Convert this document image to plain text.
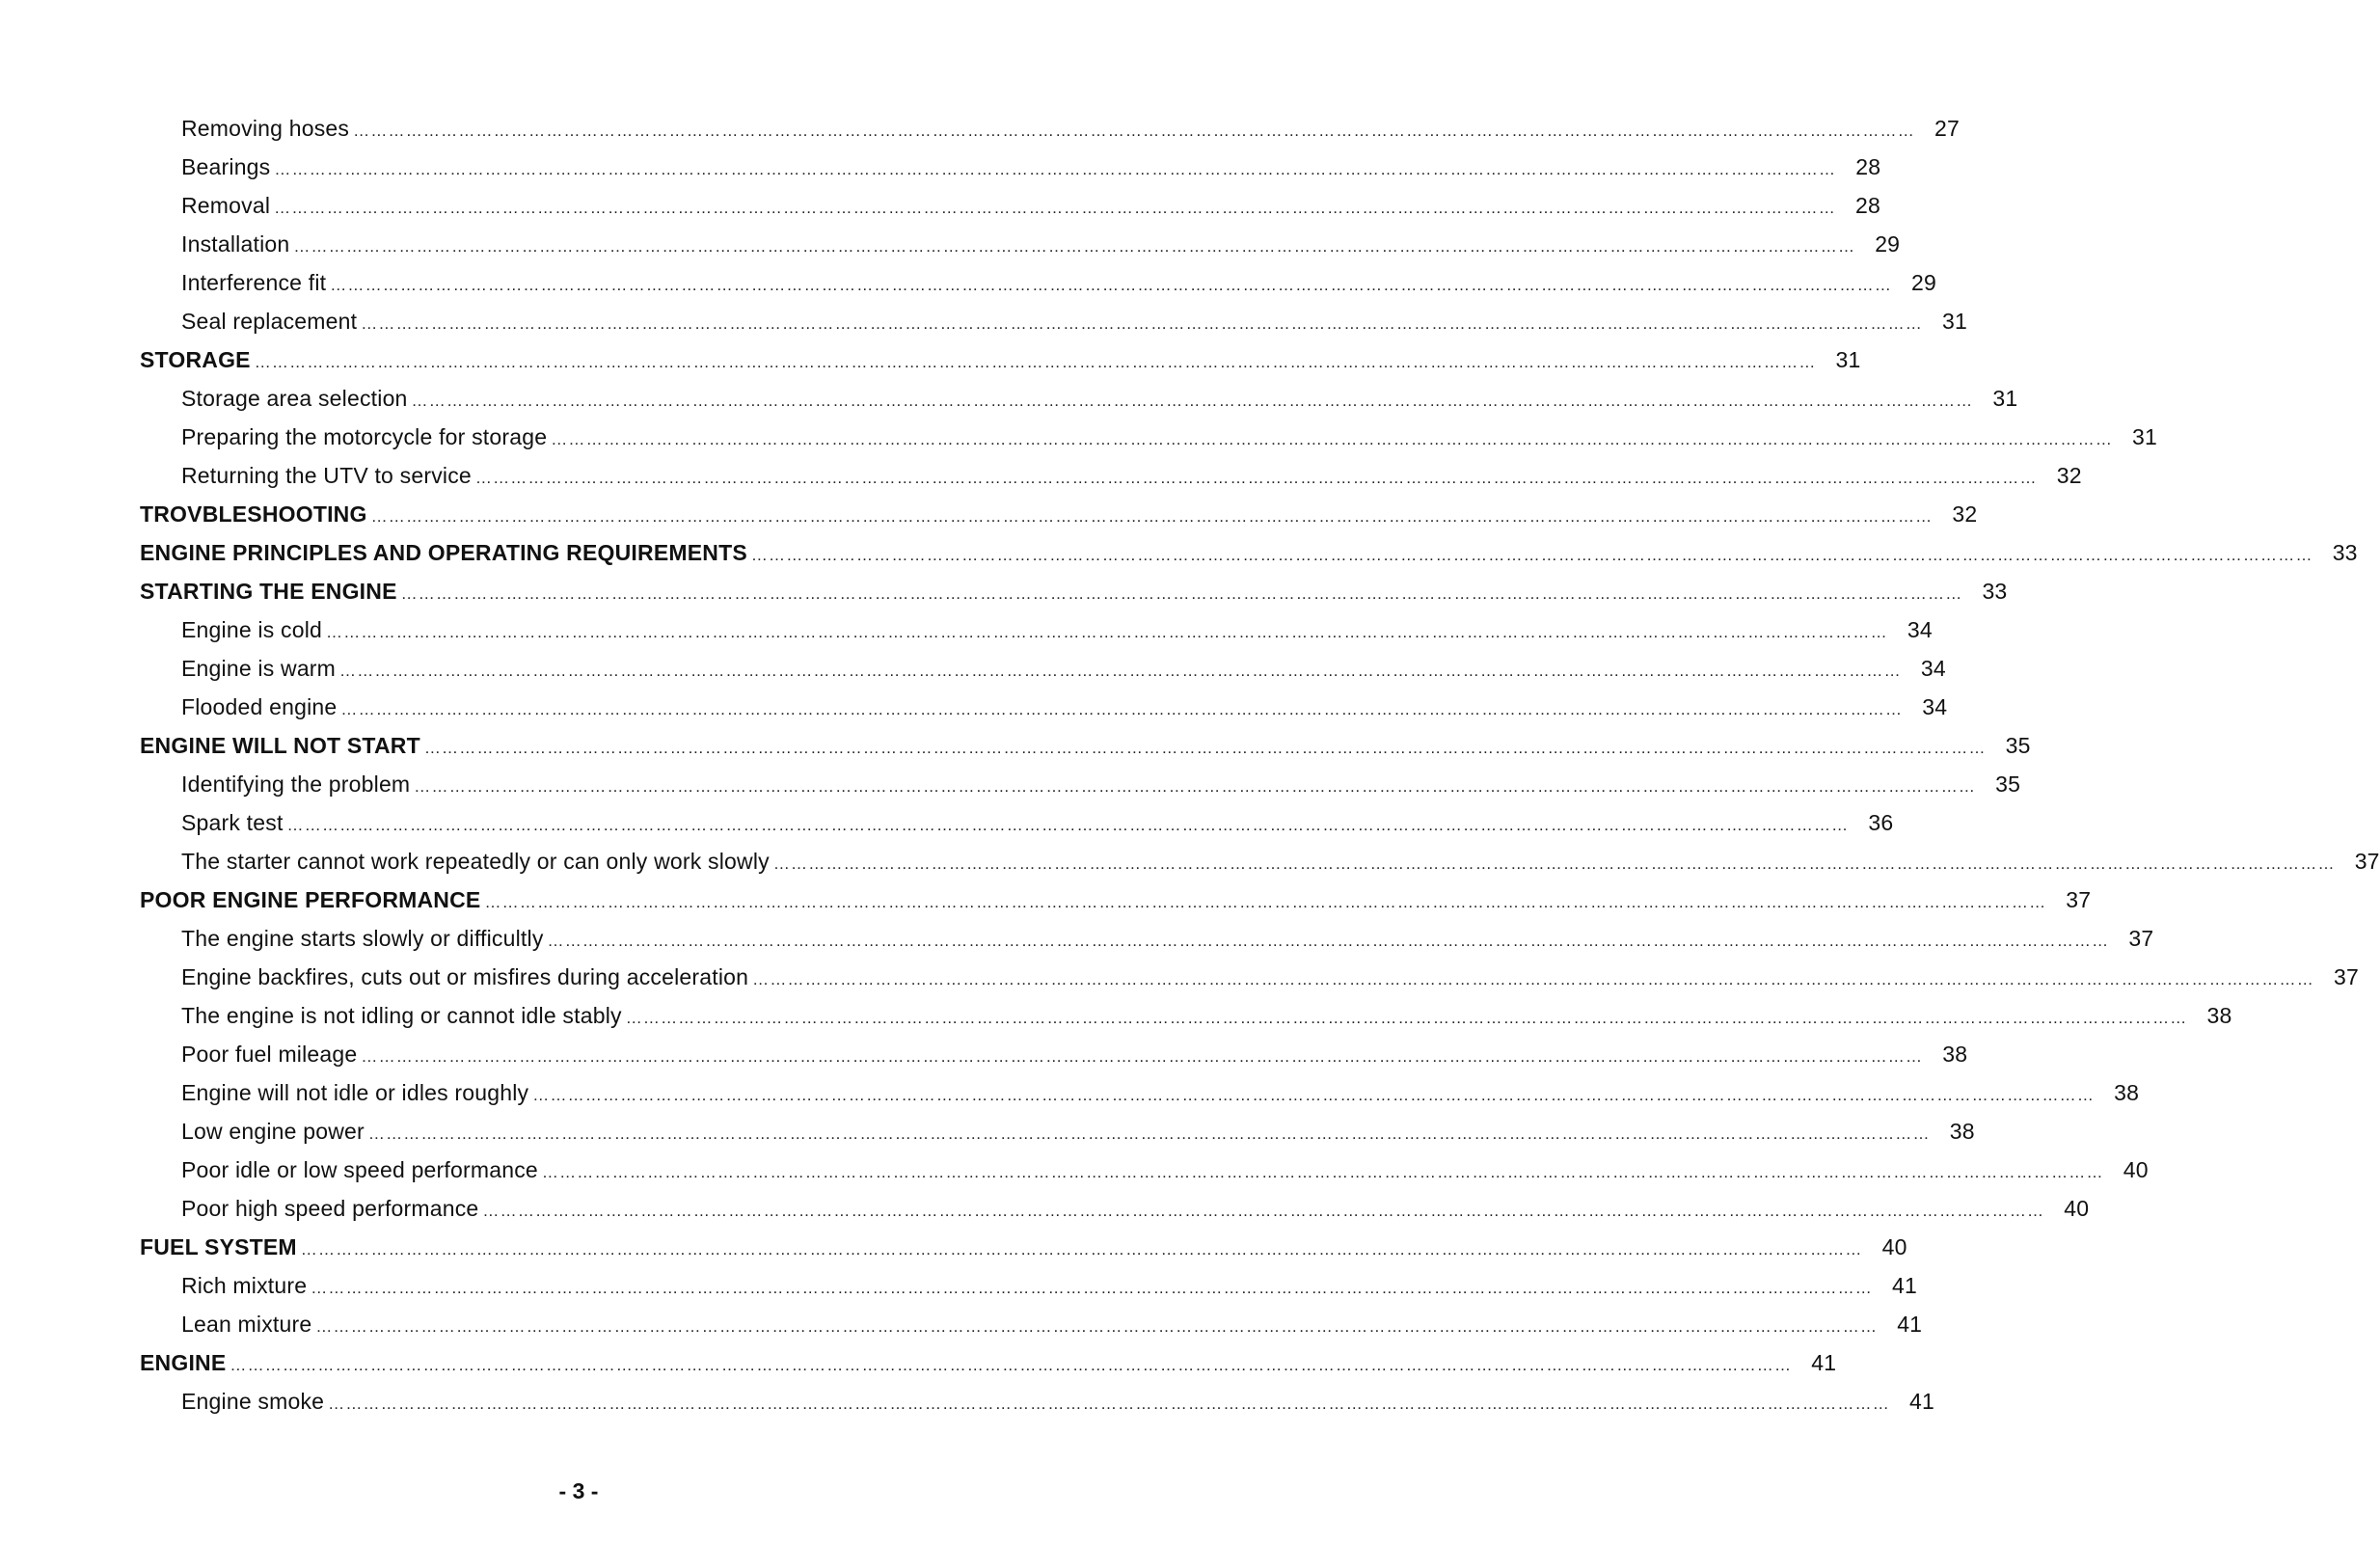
Removing hoses …………………………………………………………………………………………………………………………………………………………………………………………………………………………………………… 27
Bearings …………………………………………………………………………………………………………………………………………………………………………………………………………………………………………… 28
Removal …………………………………………………………………………………………………………………………………………………………………………………………………………………………………………… 28
Installation …………………………………………………………………………………………………………………………………………………………………………………………………………………………………………… 29
Interference fit …………………………………………………………………………………………………………………………………………………………………………………………………………………………………………… 29
Seal replacement …………………………………………………………………………………………………………………………………………………………………………………………………………………………………………… 31
STORAGE …………………………………………………………………………………………………………………………………………………………………………………………………………………………………………… 31
Storage area selection …………………………………………………………………………………………………………………………………………………………………………………………………………………………………………… 31
Preparing the motorcycle for storage …………………………………………………………………………………………………………………………………………………………………………………………………………………………………………… 31
Returning the UTV to service …………………………………………………………………………………………………………………………………………………………………………………………………………………………………………… 32
TROVBLESHOOTING …………………………………………………………………………………………………………………………………………………………………………………………………………………………………………… 32
ENGINE PRINCIPLES AND OPERATING REQUIREMENTS …………………………………………………………………………………………………………………………………………………………………………………………………………………………………………… 33
STARTING THE ENGINE …………………………………………………………………………………………………………………………………………………………………………………………………………………………………………… 33
Engine is cold …………………………………………………………………………………………………………………………………………………………………………………………………………………………………………… 34
Engine is warm …………………………………………………………………………………………………………………………………………………………………………………………………………………………………………… 34
Flooded engine …………………………………………………………………………………………………………………………………………………………………………………………………………………………………………… 34
ENGINE WILL NOT START …………………………………………………………………………………………………………………………………………………………………………………………………………………………………………… 35
Identifying the problem …………………………………………………………………………………………………………………………………………………………………………………………………………………………………………… 35
Spark test …………………………………………………………………………………………………………………………………………………………………………………………………………………………………………… 36
The starter cannot work repeatedly or can only work slowly …………………………………………………………………………………………………………………………………………………………………………………………………………………………………………… 37
POOR ENGINE PERFORMANCE …………………………………………………………………………………………………………………………………………………………………………………………………………………………………………… 37
The engine starts slowly or difficultly …………………………………………………………………………………………………………………………………………………………………………………………………………………………………………… 37
Engine backfires, cuts out or misfires during acceleration …………………………………………………………………………………………………………………………………………………………………………………………………………………………………………… 37
The engine is not idling or cannot idle stably …………………………………………………………………………………………………………………………………………………………………………………………………………………………………………… 38
Poor fuel mileage …………………………………………………………………………………………………………………………………………………………………………………………………………………………………………… 38
Engine will not idle or idles roughly …………………………………………………………………………………………………………………………………………………………………………………………………………………………………………… 38
Low engine power …………………………………………………………………………………………………………………………………………………………………………………………………………………………………………… 38
Poor idle or low speed performance …………………………………………………………………………………………………………………………………………………………………………………………………………………………………………… 40
Poor high speed performance …………………………………………………………………………………………………………………………………………………………………………………………………………………………………………… 40
FUEL SYSTEM …………………………………………………………………………………………………………………………………………………………………………………………………………………………………………… 40
Rich mixture …………………………………………………………………………………………………………………………………………………………………………………………………………………………………………… 41
Lean mixture …………………………………………………………………………………………………………………………………………………………………………………………………………………………………………… 41
ENGINE …………………………………………………………………………………………………………………………………………………………………………………………………………………………………………… 41
Engine smoke …………………………………………………………………………………………………………………………………………………………………………………………………………………………………………… 41
- 3 -
